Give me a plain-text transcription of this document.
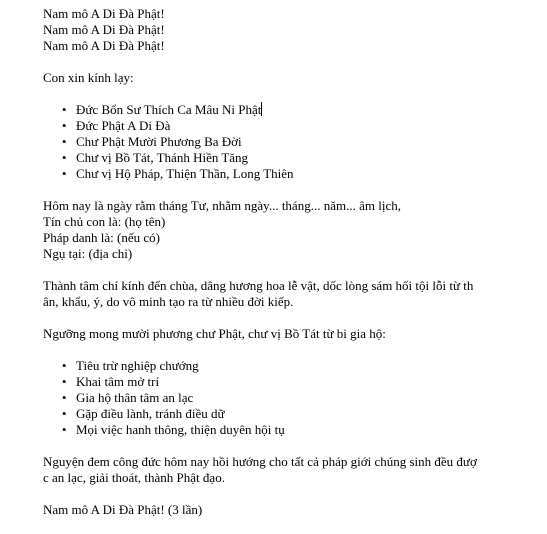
Nam mô A Di Đà Phật!
Nam mô A Di Đà Phật!
Nam mô A Di Đà Phật!
Con xin kính lạy:
• Đức Bổn Sư Thích Ca Mâu Ni Phật
• Đức Phật A Di Đà
• Chư Phật Mười Phương Ba Đời
• Chư vị Bồ Tát, Thánh Hiền Tăng
• Chư vị Hộ Pháp, Thiện Thần, Long Thiên
Hôm nay là ngày rằm tháng Tư, nhằm ngày... tháng... năm... âm lịch,
Tín chủ con là: (họ tên)
Pháp danh là: (nếu có)
Ngụ tại: (địa chỉ)
Thành tâm chí kính đến chùa, dâng hương hoa lễ vật, dốc lòng sám hối tội lỗi từ th
ân, khẩu, ý, do vô minh tạo ra từ nhiều đời kiếp.
Ngưỡng mong mười phương chư Phật, chư vị Bồ Tát từ bi gia hộ:
• Tiêu trừ nghiệp chướng
• Khai tâm mở trí
• Gia hộ thân tâm an lạc
• Gặp điều lành, tránh điều dữ
• Mọi việc hanh thông, thiện duyên hội tụ
Nguyện đem công đức hôm nay hồi hướng cho tất cả pháp giới chúng sinh đều đượ
c an lạc, giải thoát, thành Phật đạo.
Nam mô A Di Đà Phật! (3 lần)
